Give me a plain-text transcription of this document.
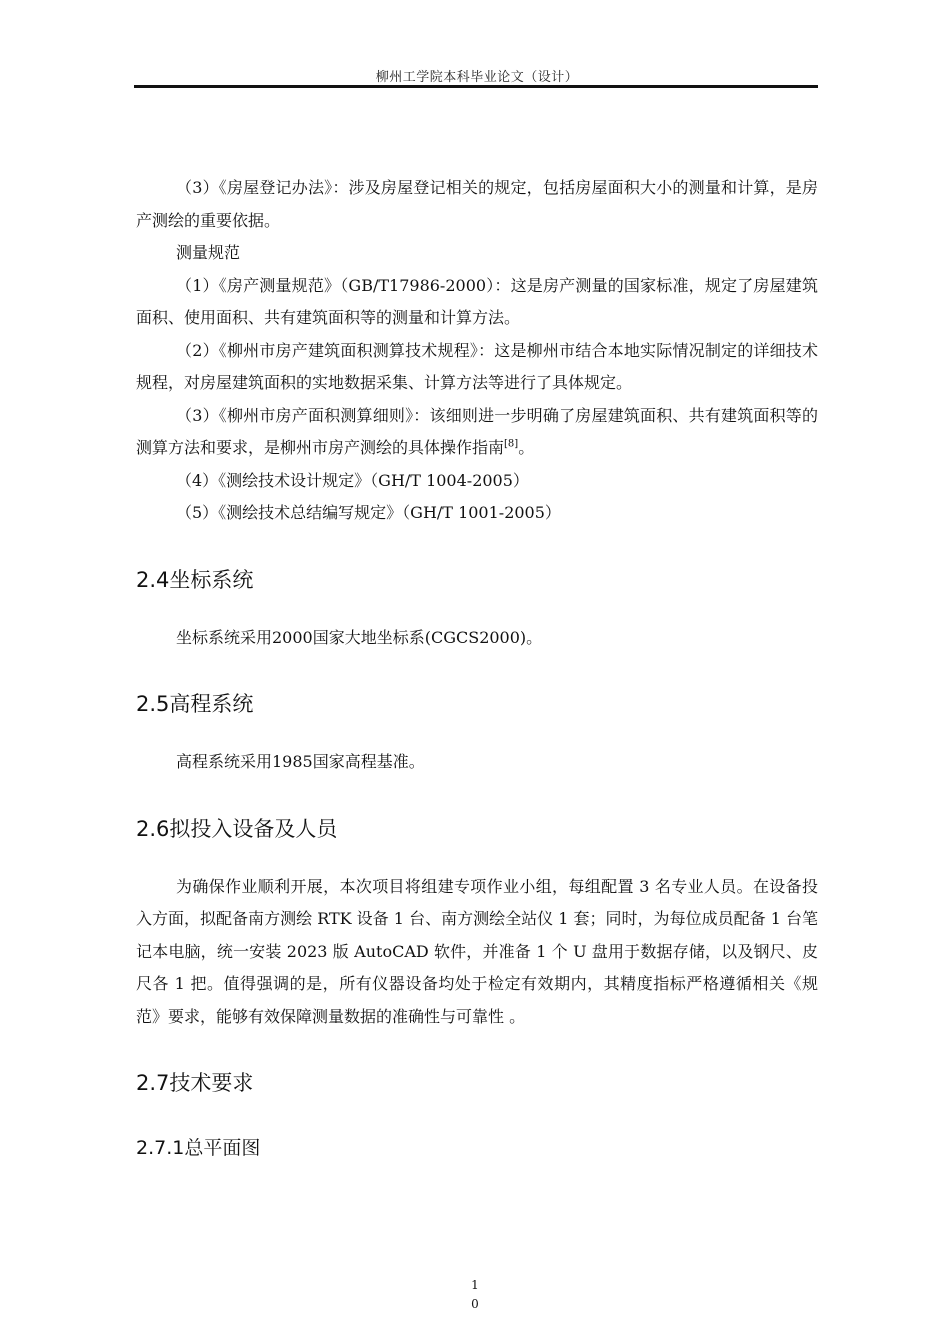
柳州工学院本科毕业论文（设计）

（3）《房屋登记办法》：涉及房屋登记相关的规定，包括房屋面积大小的测量和计算，是房产测绘的重要依据。

测量规范

（1）《房产测量规范》（GB/T17986-2000）：这是房产测量的国家标准，规定了房屋建筑面积、使用面积、共有建筑面积等的测量和计算方法。

（2）《柳州市房产建筑面积测算技术规程》：这是柳州市结合本地实际情况制定的详细技术规程，对房屋建筑面积的实地数据采集、计算方法等进行了具体规定。

（3）《柳州市房产面积测算细则》：该细则进一步明确了房屋建筑面积、共有建筑面积等的测算方法和要求，是柳州市房产测绘的具体操作指南[8]。

（4）《测绘技术设计规定》（GH/T 1004-2005）

（5）《测绘技术总结编写规定》（GH/T 1001-2005）

2.4坐标系统

坐标系统采用2000国家大地坐标系(CGCS2000)。

2.5高程系统

高程系统采用1985国家高程基准。

2.6拟投入设备及人员

为确保作业顺利开展，本次项目将组建专项作业小组，每组配置 3 名专业人员。在设备投入方面，拟配备南方测绘 RTK 设备 1 台、南方测绘全站仪 1 套；同时，为每位成员配备 1 台笔记本电脑，统一安装 2023 版 AutoCAD 软件，并准备 1 个 U 盘用于数据存储，以及钢尺、皮尺各 1 把。值得强调的是，所有仪器设备均处于检定有效期内，其精度指标严格遵循相关《规范》要求，能够有效保障测量数据的准确性与可靠性 。

2.7技术要求
2.7.1总平面图
1
0
